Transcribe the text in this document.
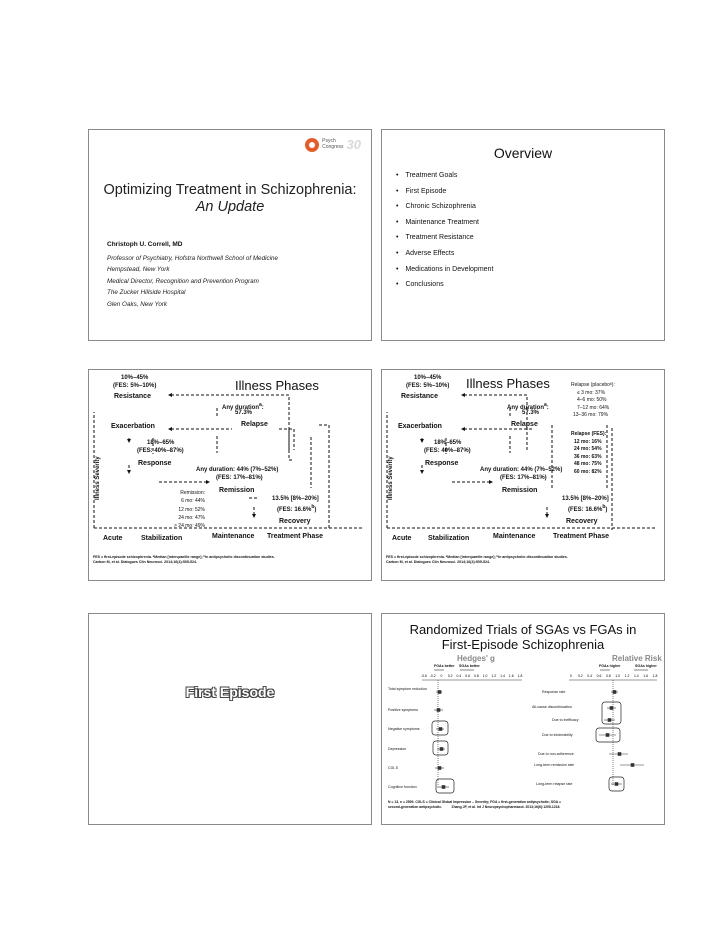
Psych
Congress 30
Optimizing Treatment in Schizophrenia:
An Update
Christoph U. Correll, MD
Professor of Psychiatry, Hofstra Northwell School of Medicine
Hempstead, New York
Medical Director, Recognition and Prevention Program
The Zucker Hillside Hospital
Glen Oaks, New York
Overview
• Treatment Goals
• First Episode
• Chronic Schizophrenia
• Maintenance Treatment
• Treatment Resistance
• Adverse Effects
• Medications in Development
• Conclusions
10%–45%
(FES: 5%–10%)	Illness Phases
Resistance
Any duration$^a$:
57.3%
Exacerbation	Relapse
18%–65%
(FES: 40%–87%)
Response
Any duration: 44% (7%–52%)
(FES: 17%–81%)
Remission
Remission:
6 mo: 44%
12 mo: 52%
24 mo: 47%
> 24 mo: 49%
13.5% [8%–20%]
(FES: 16.6%$^b$)
Recovery
Illness Severity
Acute	Stabilization	Maintenance Treatment Phase
FES = first-episode schizophrenia. ᵃMedian [interquartile range]; ᵇIn antipsychotic discontinuation studies.
Carbon M, et al. Dialogues Clin Neurosci. 2014;16(4):505-524.
10%–45%
(FES: 5%–10%) Illness Phases	Relapse (placeboᵇ):
≤ 3 mo: 37%
4–6 mo: 50%
7–12 mo: 64%
13–36 mo: 79%
Resistance
Any duration$^a$:
57.3%
Exacerbation	Relapse
Relapse (FES):
12 mo: 16%
24 mo: 54%
36 mo: 63%
48 mo: 75%
60 mo: 82%
18%–65%
(FES: 40%–87%)
Response
Any duration: 44% (7%–52%)
(FES: 17%–81%)
Remission
13.5% [8%–20%]
(FES: 16.6%$^b$)
Recovery
Illness Severity
Acute Stabilization	Maintenance	Treatment Phase
FES = first-episode schizophrenia. ᵃMedian [interquartile range]; ᵇIn antipsychotic discontinuation studies.
Carbon M, et al. Dialogues Clin Neurosci. 2014;16(4):505-524.
First Episode
Randomized Trials of SGAs vs FGAs in
First-Episode Schizophrenia
Hedges' g	Relative Risk
FGAs better SGAs better	FGAs higher	SGAs higher
-0.6 -0.2 0 0.2 0.4 0.6 0.8 1.0 1.2 1.4 1.6 1.8	0 0.2 0.4 0.6 0.8 1.0 1.2 1.4 1.6 1.8
Total symptom reduction
Positive symptoms
Negative symptoms
Depression
CGI-S
Cognitive function
Response rate
All-cause discontinuation
Due to inefficacy
Due to intolerability
Due to non-adherence
Long-term remission rate
Long-term relapse rate
N = 13, n = 2509. CGI-S = Clinical Global Impression – Severity; FGA = first-generation antipsychotic; SGA =
second-generation antipsychotic.	Zhang JP, et al. Int J Neuropsychopharmacol. 2013;16(6):1205-1218.
